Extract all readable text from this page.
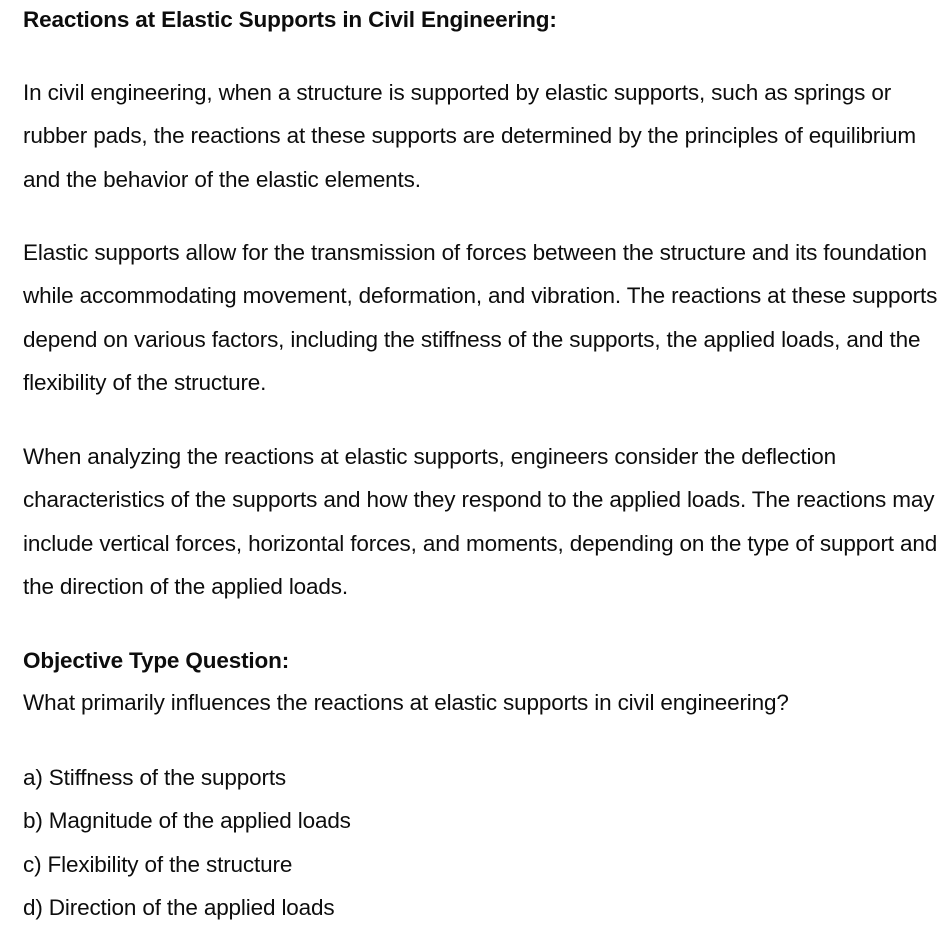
Reactions at Elastic Supports in Civil Engineering:

In civil engineering, when a structure is supported by elastic supports, such as springs or rubber pads, the reactions at these supports are determined by the principles of equilibrium and the behavior of the elastic elements.

Elastic supports allow for the transmission of forces between the structure and its foundation while accommodating movement, deformation, and vibration. The reactions at these supports depend on various factors, including the stiffness of the supports, the applied loads, and the flexibility of the structure.

When analyzing the reactions at elastic supports, engineers consider the deflection characteristics of the supports and how they respond to the applied loads. The reactions may include vertical forces, horizontal forces, and moments, depending on the type of support and the direction of the applied loads.

Objective Type Question:

What primarily influences the reactions at elastic supports in civil engineering?

a) Stiffness of the supports
b) Magnitude of the applied loads
c) Flexibility of the structure
d) Direction of the applied loads
